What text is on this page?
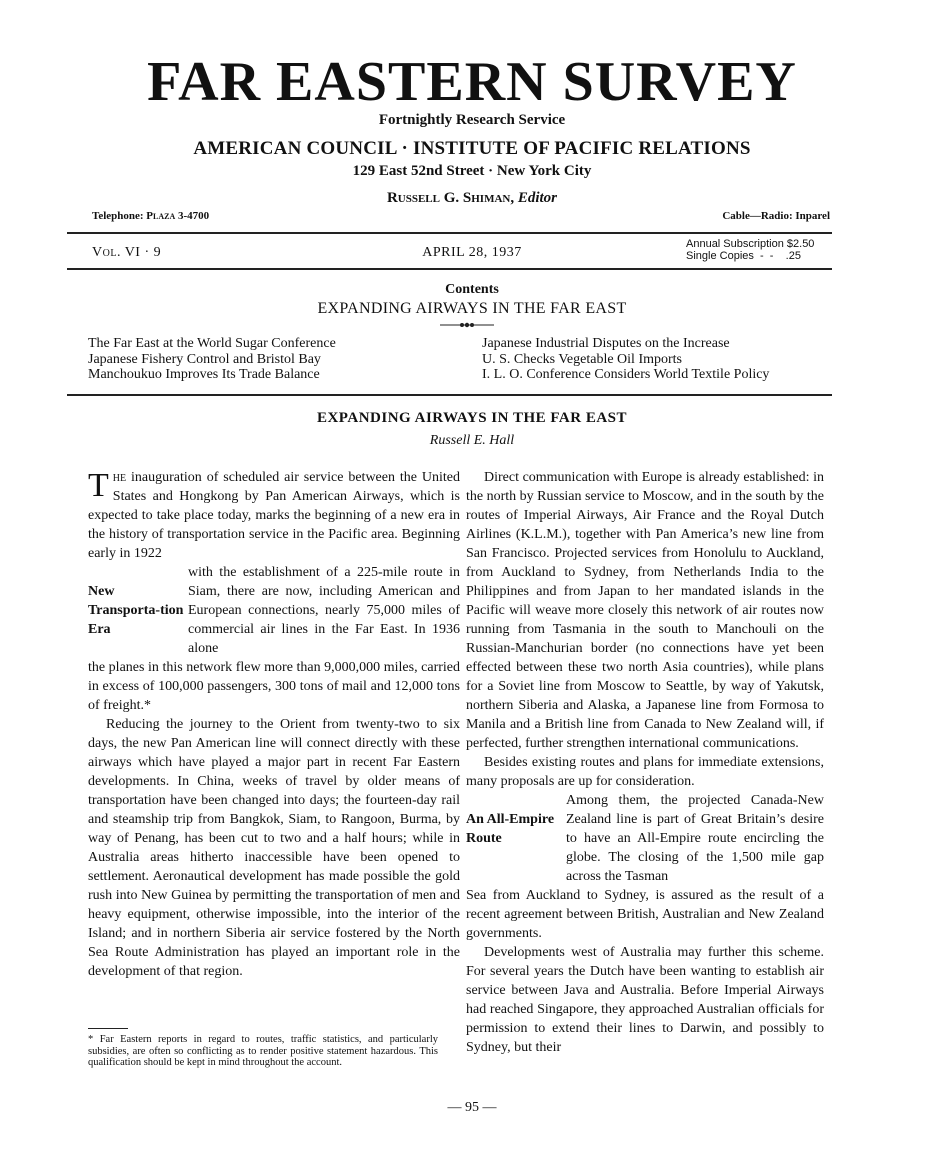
FAR EASTERN SURVEY
Fortnightly Research Service
AMERICAN COUNCIL · INSTITUTE OF PACIFIC RELATIONS
129 East 52nd Street · New York City
Russell G. Shiman, Editor
Telephone: Plaza 3-4700	Cable—Radio: Inparel
Vol. VI · 9	APRIL 28, 1937
Annual Subscription $2.50
Single Copies  -  -    .25
Contents
EXPANDING AIRWAYS IN THE FAR EAST
The Far East at the World Sugar Conference
Japanese Fishery Control and Bristol Bay
Manchoukuo Improves Its Trade Balance
Japanese Industrial Disputes on the Increase
U. S. Checks Vegetable Oil Imports
I. L. O. Conference Considers World Textile Policy
EXPANDING AIRWAYS IN THE FAR EAST
Russell E. Hall

The inauguration of scheduled air service between the United States and Hongkong by Pan American Airways, which is expected to take place today, marks the beginning of a new era in the history of transportation service in the Pacific area. Beginning early in 1922

New Transporta-tion Era
with the establishment of a 225-mile route in Siam, there are now, including American and European connections, nearly 75,000 miles of commercial air lines in the Far East. In 1936 alone

the planes in this network flew more than 9,000,000 miles, carried in excess of 100,000 passengers, 300 tons of mail and 12,000 tons of freight.*

Reducing the journey to the Orient from twenty-two to six days, the new Pan American line will connect directly with these airways which have played a major part in recent Far Eastern developments. In China, weeks of travel by older means of transportation have been changed into days; the fourteen-day rail and steamship trip from Bangkok, Siam, to Rangoon, Burma, by way of Penang, has been cut to two and a half hours; while in Australia areas hitherto inaccessible have been opened to settlement. Aeronautical development has made possible the gold rush into New Guinea by permitting the transportation of men and heavy equipment, otherwise impossible, into the interior of the Island; and in northern Siberia air service fostered by the North Sea Route Administration has played an important role in the development of that region.

Direct communication with Europe is already established: in the north by Russian service to Moscow, and in the south by the routes of Imperial Airways, Air France and the Royal Dutch Airlines (K.L.M.), together with Pan America’s new line from San Francisco. Projected services from Honolulu to Auckland, from Auckland to Sydney, from Netherlands India to the Philippines and from Japan to her mandated islands in the Pacific will weave more closely this network of air routes now running from Tasmania in the south to Manchouli on the Russian-Manchurian border (no connections have yet been effected between these two north Asia countries), while plans for a Soviet line from Moscow to Seattle, by way of Yakutsk, northern Siberia and Alaska, a Japanese line from Formosa to Manila and a British line from Canada to New Zealand will, if perfected, further strengthen international communications.

Besides existing routes and plans for immediate extensions, many proposals are up for consideration.

An All-Empire Route
Among them, the projected Canada-New Zealand line is part of Great Britain’s desire to have an All-Empire route encircling the globe. The closing of the 1,500 mile gap across the Tasman

Sea from Auckland to Sydney, is assured as the result of a recent agreement between British, Australian and New Zealand governments.

Developments west of Australia may further this scheme. For several years the Dutch have been wanting to establish air service between Java and Australia. Before Imperial Airways had reached Singapore, they approached Australian officials for permission to extend their lines to Darwin, and possibly to Sydney, but their

* Far Eastern reports in regard to routes, traffic statistics, and particularly subsidies, are often so conflicting as to render positive statement hazardous. This qualification should be kept in mind throughout the account.
— 95 —
